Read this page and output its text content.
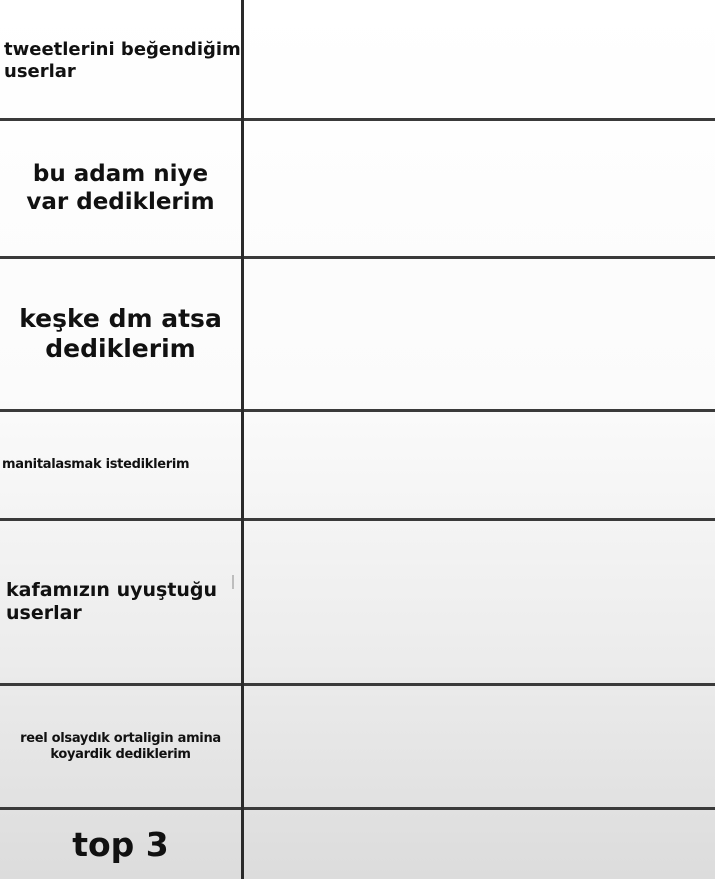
tweetlerini beğendiğim userlar
bu adam niye var dediklerim
keşke dm atsa dediklerim
manitalasmak istediklerim
kafamızın uyuştuğu userlar
reel olsaydık ortaligin amina koyardik dediklerim
top 3
